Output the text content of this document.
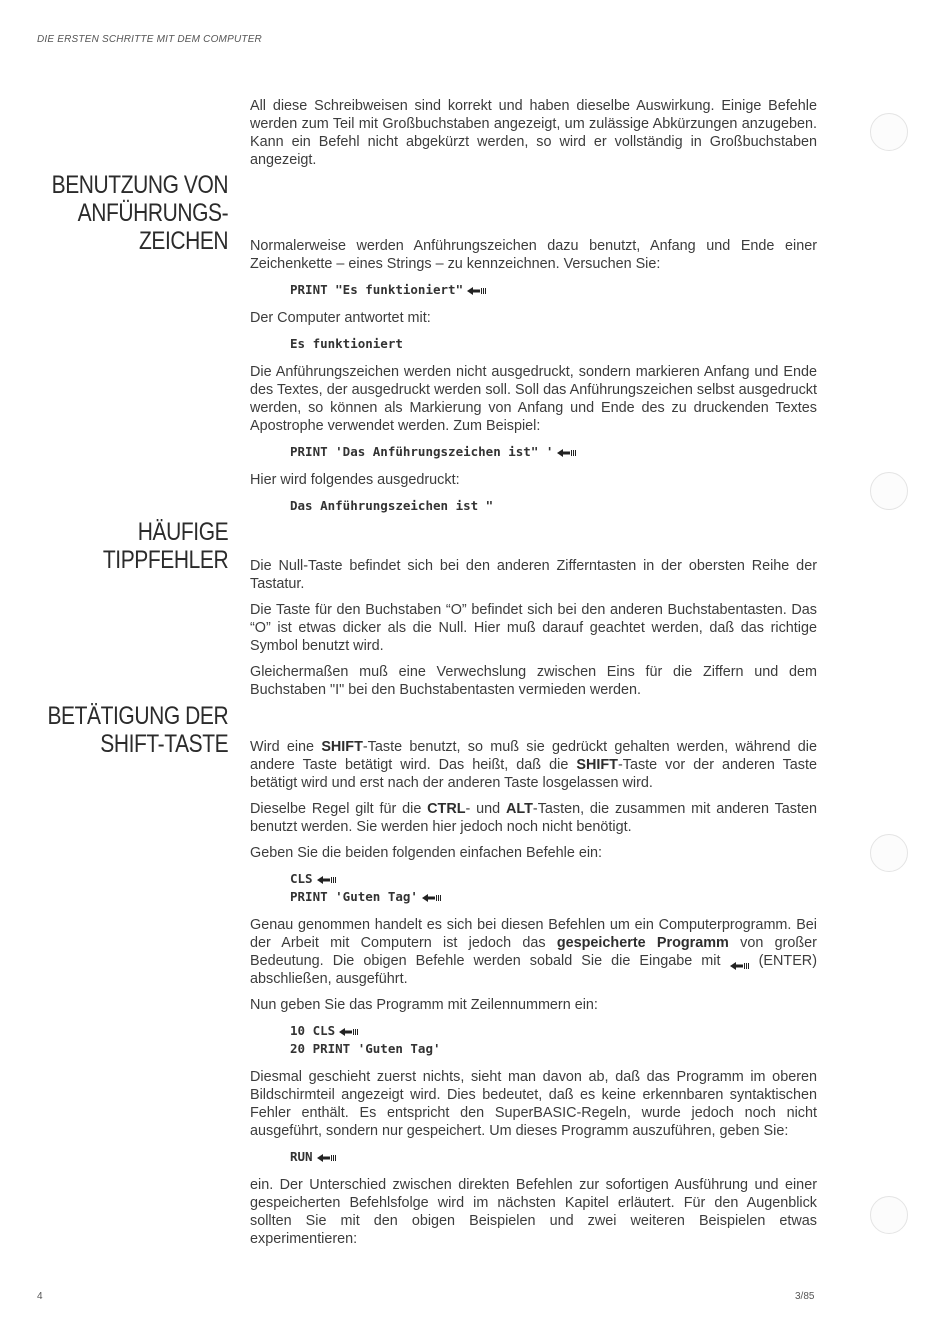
DIE ERSTEN SCHRITTE MIT DEM COMPUTER

All diese Schreibweisen sind korrekt und haben dieselbe Auswirkung. Einige Befehle werden zum Teil mit Großbuchstaben angezeigt, um zulässige Abkürzungen anzugeben. Kann ein Befehl nicht abgekürzt werden, so wird er vollständig in Großbuchstaben angezeigt.

BENUTZUNG VON
ANFÜHRUNGS-
ZEICHEN Normalerweise werden Anführungszeichen dazu benutzt, Anfang und Ende einer Zeichenkette – eines Strings – zu kennzeichnen. Versuchen Sie:

PRINT "Es funktioniert"

Der Computer antwortet mit:

Es funktioniert

Die Anführungszeichen werden nicht ausgedruckt, sondern markieren Anfang und Ende des Textes, der ausgedruckt werden soll. Soll das Anführungszeichen selbst ausgedruckt werden, so können als Markierung von Anfang und Ende des zu druckenden Textes Apostrophe verwendet werden. Zum Beispiel:

PRINT 'Das Anführungszeichen ist" '

Hier wird folgendes ausgedruckt:

Das Anführungszeichen ist "
HÄUFIGE
TIPPFEHLER Die Null-Taste befindet sich bei den anderen Zifferntasten in der obersten Reihe der Tastatur.

Die Taste für den Buchstaben “O” befindet sich bei den anderen Buchstabentasten. Das “O” ist etwas dicker als die Null. Hier muß darauf geachtet werden, daß das richtige Symbol benutzt wird.

Gleichermaßen muß eine Verwechslung zwischen Eins für die Ziffern und dem Buchstaben "I" bei den Buchstabentasten vermieden werden.

BETÄTIGUNG DER
SHIFT-TASTE Wird eine SHIFT-Taste benutzt, so muß sie gedrückt gehalten werden, während die andere Taste betätigt wird. Das heißt, daß die SHIFT-Taste vor der anderen Taste betätigt wird und erst nach der anderen Taste losgelassen wird.

Dieselbe Regel gilt für die CTRL- und ALT-Tasten, die zusammen mit anderen Tasten benutzt werden. Sie werden hier jedoch noch nicht benötigt.

Geben Sie die beiden folgenden einfachen Befehle ein:

CLS
PRINT 'Guten Tag'

Genau genommen handelt es sich bei diesen Befehlen um ein Computerprogramm. Bei der Arbeit mit Computern ist jedoch das gespeicherte Programm von großer Bedeutung. Die obigen Befehle werden sobald Sie die Eingabe mit  (ENTER) abschließen, ausgeführt.

Nun geben Sie das Programm mit Zeilennummern ein:

10 CLS
20 PRINT 'Guten Tag'

Diesmal geschieht zuerst nichts, sieht man davon ab, daß das Programm im oberen Bildschirmteil angezeigt wird. Dies bedeutet, daß es keine erkennbaren syntaktischen Fehler enthält. Es entspricht den SuperBASIC-Regeln, wurde jedoch noch nicht ausgeführt, sondern nur gespeichert. Um dieses Programm auszuführen, geben Sie:

RUN

ein. Der Unterschied zwischen direkten Befehlen zur sofortigen Ausführung und einer gespeicherten Befehlsfolge wird im nächsten Kapitel erläutert. Für den Augenblick sollten Sie mit den obigen Beispielen und zwei weiteren Beispielen etwas experimentieren:

4	3/85
